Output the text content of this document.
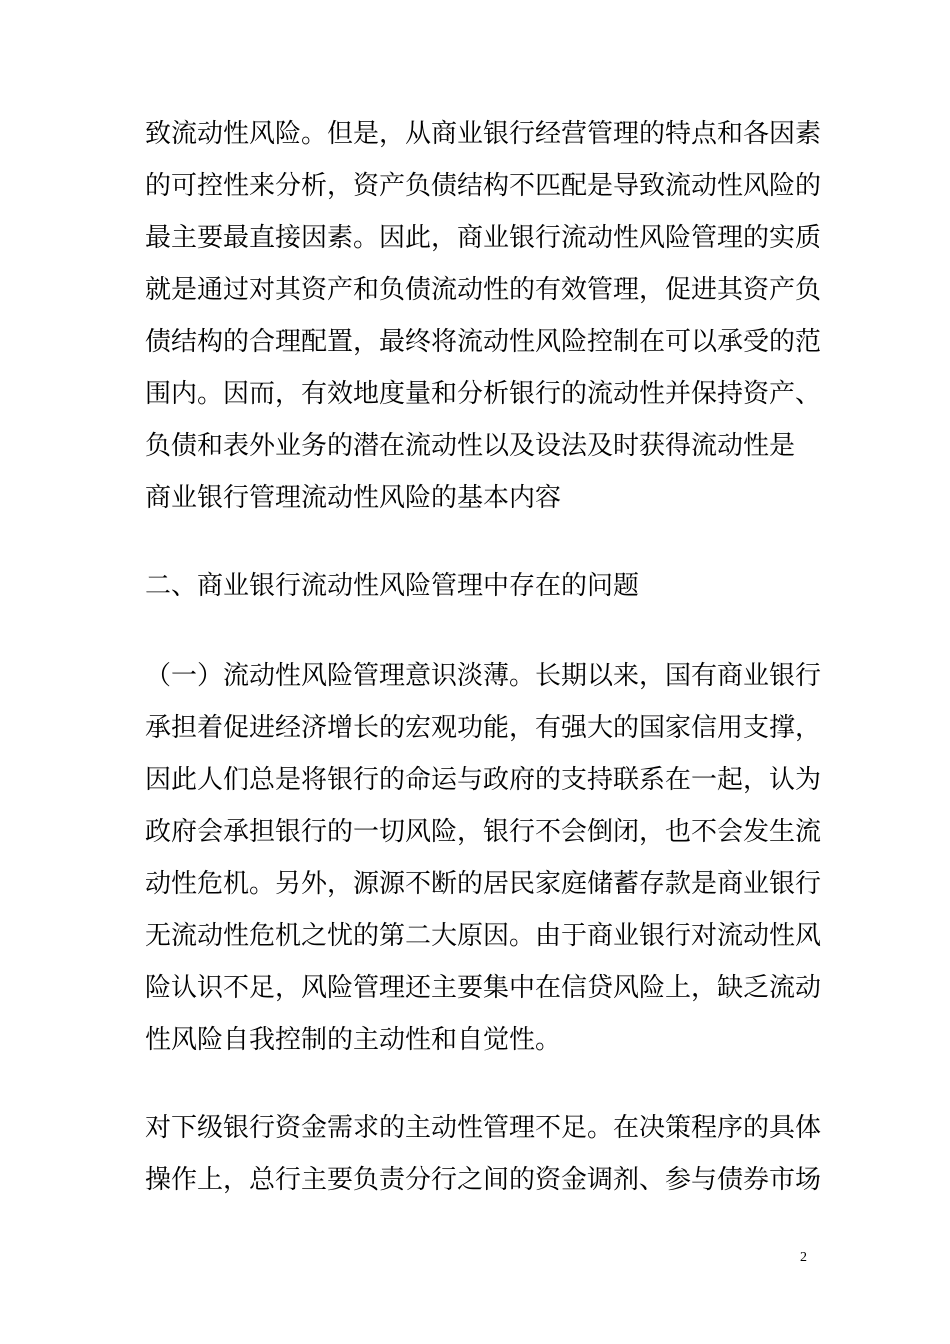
致流动性风险。但是，从商业银行经营管理的特点和各因素
的可控性来分析，资产负债结构不匹配是导致流动性风险的
最主要最直接因素。因此，商业银行流动性风险管理的实质
就是通过对其资产和负债流动性的有效管理，促进其资产负
债结构的合理配置，最终将流动性风险控制在可以承受的范
围内。因而，有效地度量和分析银行的流动性并保持资产、
负债和表外业务的潜在流动性以及设法及时获得流动性是
商业银行管理流动性风险的基本内容
二、商业银行流动性风险管理中存在的问题
（一）流动性风险管理意识淡薄。长期以来，国有商业银行
承担着促进经济增长的宏观功能，有强大的国家信用支撑，
因此人们总是将银行的命运与政府的支持联系在一起，认为
政府会承担银行的一切风险，银行不会倒闭，也不会发生流
动性危机。另外，源源不断的居民家庭储蓄存款是商业银行
无流动性危机之忧的第二大原因。由于商业银行对流动性风
险认识不足，风险管理还主要集中在信贷风险上，缺乏流动
性风险自我控制的主动性和自觉性。
对下级银行资金需求的主动性管理不足。在决策程序的具体
操作上，总行主要负责分行之间的资金调剂、参与债券市场
2
